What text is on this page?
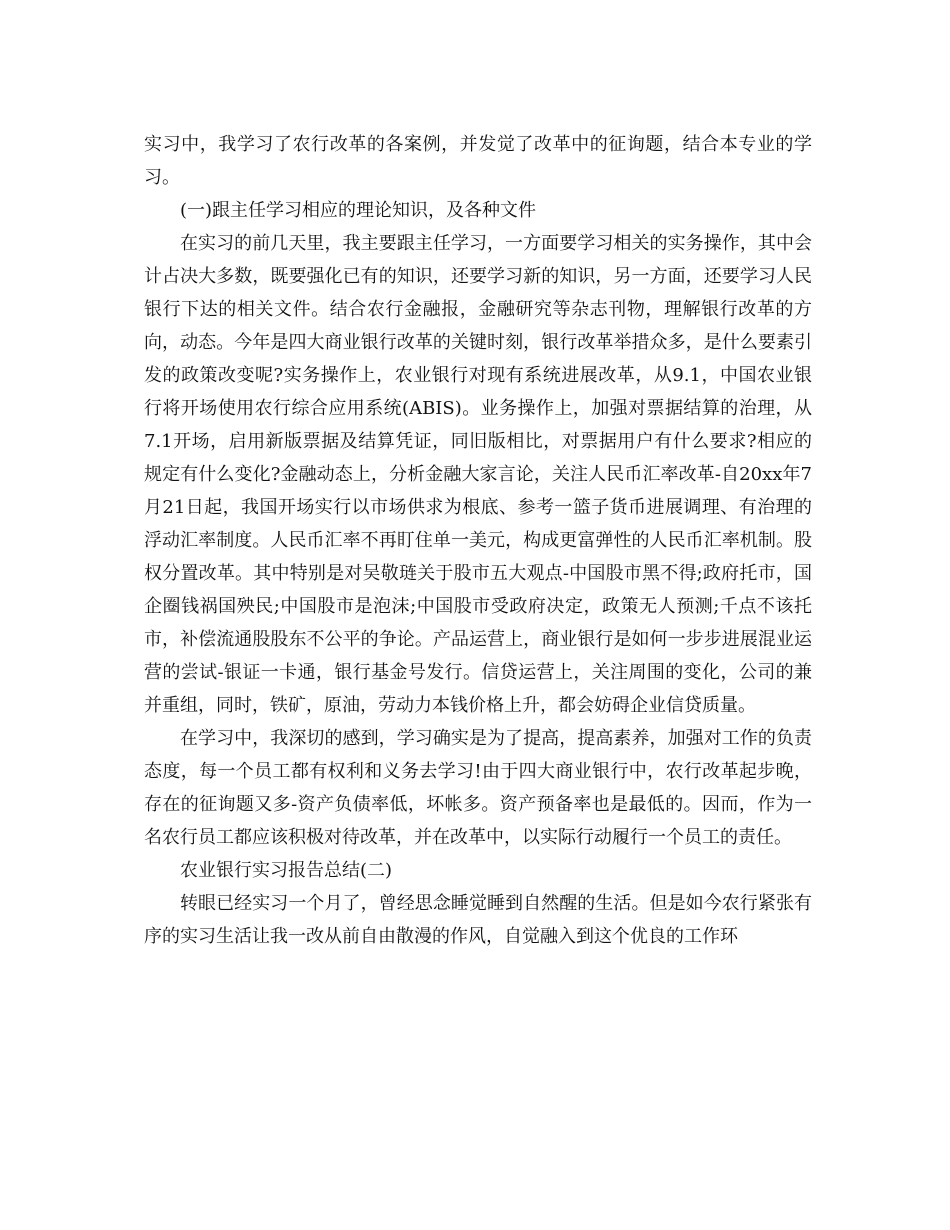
实习中，我学习了农行改革的各案例，并发觉了改革中的征询题，结合本专业的学习。

(一)跟主任学习相应的理论知识，及各种文件

在实习的前几天里，我主要跟主任学习，一方面要学习相关的实务操作，其中会计占决大多数，既要强化已有的知识，还要学习新的知识，另一方面，还要学习人民银行下达的相关文件。结合农行金融报，金融研究等杂志刊物，理解银行改革的方向，动态。今年是四大商业银行改革的关键时刻，银行改革举措众多，是什么要素引发的政策改变呢?实务操作上，农业银行对现有系统进展改革，从9.1，中国农业银行将开场使用农行综合应用系统(ABIS)。业务操作上，加强对票据结算的治理，从7.1开场，启用新版票据及结算凭证，同旧版相比，对票据用户有什么要求?相应的规定有什么变化?金融动态上，分析金融大家言论，关注人民币汇率改革-自20xx年7月21日起，我国开场实行以市场供求为根底、参考一篮子货币进展调理、有治理的浮动汇率制度。人民币汇率不再盯住单一美元，构成更富弹性的人民币汇率机制。股权分置改革。其中特别是对吴敬琏关于股市五大观点-中国股市黑不得;政府托市，国企圈钱祸国殃民;中国股市是泡沫;中国股市受政府决定，政策无人预测;千点不该托市，补偿流通股股东不公平的争论。产品运营上，商业银行是如何一步步进展混业运营的尝试-银证一卡通，银行基金号发行。信贷运营上，关注周围的变化，公司的兼并重组，同时，铁矿，原油，劳动力本钱价格上升，都会妨碍企业信贷质量。

在学习中，我深切的感到，学习确实是为了提高，提高素养，加强对工作的负责态度，每一个员工都有权利和义务去学习!由于四大商业银行中，农行改革起步晚，存在的征询题又多-资产负债率低，坏帐多。资产预备率也是最低的。因而，作为一名农行员工都应该积极对待改革，并在改革中，以实际行动履行一个员工的责任。

农业银行实习报告总结(二)

转眼已经实习一个月了，曾经思念睡觉睡到自然醒的生活。但是如今农行紧张有序的实习生活让我一改从前自由散漫的作风，自觉融入到这个优良的工作环
